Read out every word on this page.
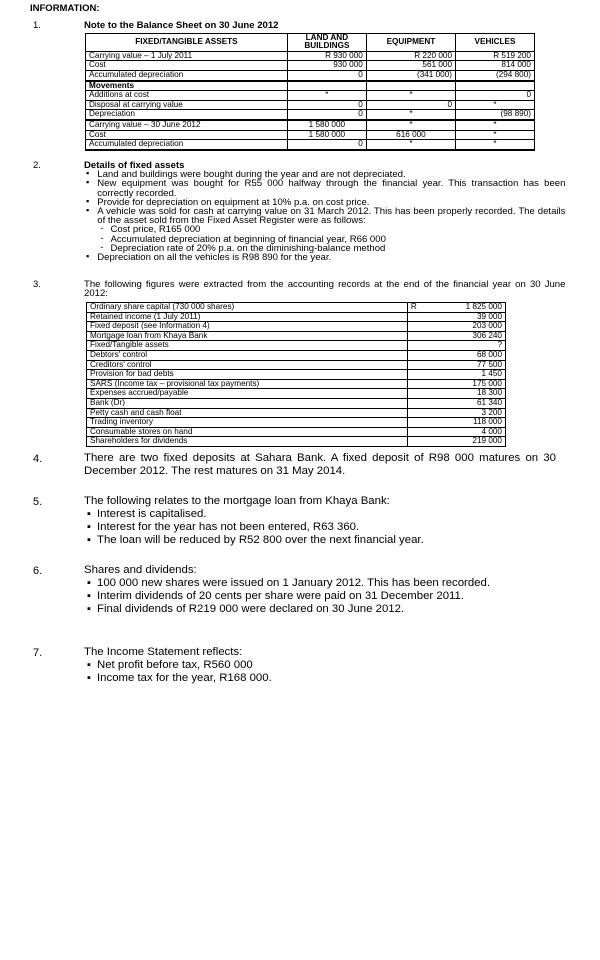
INFORMATION:
1.	Note to the Balance Sheet on 30 June 2012
FIXED/TANGIBLE ASSETS	LAND AND BUILDINGS	EQUIPMENT	VEHICLES
Carrying value – 1 July 2011	R 930 000	R 220 000	R 519 200
Cost	930 000	561 000	814 000
Accumulated depreciation	0	(341 000)	(294 800)
Movements			
Additions at cost	*	*	0
Disposal at carrying value	0	0	*
Depreciation	0	*	(98 890)
Carrying value – 30 June 2012	1 580 000	*	*
Cost	1 580 000	616 000	*
Accumulated depreciation	0	*	*
2.	Details of fixed assets
▪ Land and buildings were bought during the year and are not depreciated.
▪ New equipment was bought for R55 000 halfway through the financial year. This transaction has been correctly recorded.
▪ Provide for depreciation on equipment at 10% p.a. on cost price.
▪ A vehicle was sold for cash at carrying value on 31 March 2012. This has been properly recorded. The details of the asset sold from the Fixed Asset Register were as follows:
- Cost price, R165 000
- Accumulated depreciation at beginning of financial year, R66 000
- Depreciation rate of 20% p.a. on the diminishing-balance method
▪ Depreciation on all the vehicles is R98 890 for the year.
3.	The following figures were extracted from the accounting records at the end of the financial year on 30 June 2012:
Ordinary share capital (730 000 shares)	R 1 825 000
Retained income (1 July 2011)	39 000
Fixed deposit (see Information 4)	203 000
Mortgage loan from Khaya Bank	306 240
Fixed/Tangible assets	?
Debtors' control	68 000
Creditors' control	77 500
Provision for bad debts	1 450
SARS (Income tax – provisional tax payments)	175 000
Expenses accrued/payable	18 300
Bank (Dr)	61 340
Petty cash and cash float	3 200
Trading inventory	118 000
Consumable stores on hand	4 000
Shareholders for dividends	219 000
4.	There are two fixed deposits at Sahara Bank. A fixed deposit of R98 000 matures on 30 December 2012. The rest matures on 31 May 2014.
5.	The following relates to the mortgage loan from Khaya Bank:
▪ Interest is capitalised.
▪ Interest for the year has not been entered, R63 360.
▪ The loan will be reduced by R52 800 over the next financial year.
6.	Shares and dividends:
▪ 100 000 new shares were issued on 1 January 2012. This has been recorded.
▪ Interim dividends of 20 cents per share were paid on 31 December 2011.
▪ Final dividends of R219 000 were declared on 30 June 2012.
7.	The Income Statement reflects:
▪ Net profit before tax, R560 000
▪ Income tax for the year, R168 000.
